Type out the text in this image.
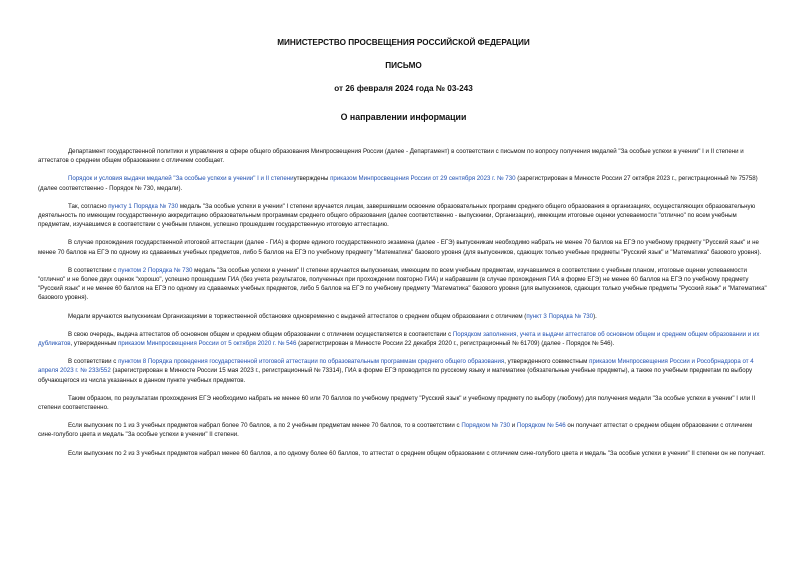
МИНИСТЕРСТВО ПРОСВЕЩЕНИЯ РОССИЙСКОЙ ФЕДЕРАЦИИ
ПИСЬМО
от 26 февраля 2024 года № 03-243
О направлении информации

Департамент государственной политики и управления в сфере общего образования Минпросвещения России (далее - Департамент) в соответствии с письмом по вопросу получения медалей "За особые успехи в учении" I и II степени и аттестатов о среднем общем образовании с отличием сообщает.

Порядок и условия выдачи медалей "За особые успехи в учении" I и II степениутверждены приказом Минпросвещения России от 29 сентября 2023 г. № 730 (зарегистрирован в Минюсте России 27 октября 2023 г., регистрационный № 75758) (далее соответственно - Порядок № 730, медали).

Так, согласно пункту 1 Порядка № 730 медаль "За особые успехи в учении" I степени вручается лицам, завершившим освоение образовательных программ среднего общего образования в организациях, осуществляющих образовательную деятельность по имеющим государственную аккредитацию образовательным программам среднего общего образования (далее соответственно - выпускники, Организации), имеющим итоговые оценки успеваемости "отлично" по всем учебным предметам, изучавшимся в соответствии с учебным планом, успешно прошедшим государственную итоговую аттестацию.

В случае прохождения государственной итоговой аттестации (далее - ГИА) в форме единого государственного экзамена (далее - ЕГЭ) выпускникам необходимо набрать не менее 70 баллов на ЕГЭ по учебному предмету "Русский язык" и не менее 70 баллов на ЕГЭ по одному из сдаваемых учебных предметов, либо 5 баллов на ЕГЭ по учебному предмету "Математика" базового уровня (для выпускников, сдающих только учебные предметы "Русский язык" и "Математика" базового уровня).

В соответствии с пунктом 2 Порядка № 730 медаль "За особые успехи в учении" II степени вручается выпускникам, имеющим по всем учебным предметам, изучавшимся в соответствии с учебным планом, итоговые оценки успеваемости "отлично" и не более двух оценок "хорошо", успешно прошедшим ГИА (без учета результатов, полученных при прохождении повторно ГИА) и набравшим (в случае прохождения ГИА в форме ЕГЭ) не менее 60 баллов на ЕГЭ по учебному предмету "Русский язык" и не менее 60 баллов на ЕГЭ по одному из сдаваемых учебных предметов, либо 5 баллов на ЕГЭ по учебному предмету "Математика" базового уровня (для выпускников, сдающих только учебные предметы "Русский язык" и "Математика" базового уровня).

Медали вручаются выпускникам Организациями в торжественной обстановке одновременно с выдачей аттестатов о среднем общем образовании с отличием (пункт 3 Порядка № 730).

В свою очередь, выдача аттестатов об основном общем и среднем общем образовании с отличием осуществляется в соответствии с Порядком заполнения, учета и выдачи аттестатов об основном общем и среднем общем образовании и их дубликатов, утвержденным приказом Минпросвещения России от 5 октября 2020 г. № 546 (зарегистрирован в Минюсте России 22 декабря 2020 г., регистрационный № 61709) (далее - Порядок № 546).

В соответствии с пунктом 8 Порядка проведения государственной итоговой аттестации по образовательным программам среднего общего образования, утвержденного совместным приказом Минпросвещения России и Рособрнадзора от 4 апреля 2023 г. № 233/552 (зарегистрирован в Минюсте России 15 мая 2023 г., регистрационный № 73314), ГИА в форме ЕГЭ проводится по русскому языку и математике (обязательные учебные предметы), а также по учебным предметам по выбору обучающегося из числа указанных в данном пункте учебных предметов.

Таким образом, по результатам прохождения ЕГЭ необходимо набрать не менее 60 или 70 баллов по учебному предмету "Русский язык" и учебному предмету по выбору (любому) для получения медали "За особые успехи в учении" I или II степени соответственно.

Если выпускник по 1 из 3 учебных предметов набрал более 70 баллов, а по 2 учебным предметам менее 70 баллов, то в соответствии с Порядком № 730 и Порядком № 546 он получает аттестат о среднем общем образовании с отличием сине-голубого цвета и медаль "За особые успехи в учении" II степени.

Если выпускник по 2 из 3 учебных предметов набрал менее 60 баллов, а по одному более 60 баллов, то аттестат о среднем общем образовании с отличием сине-голубого цвета и медаль "За особые успехи в учении" II степени он не получает.
